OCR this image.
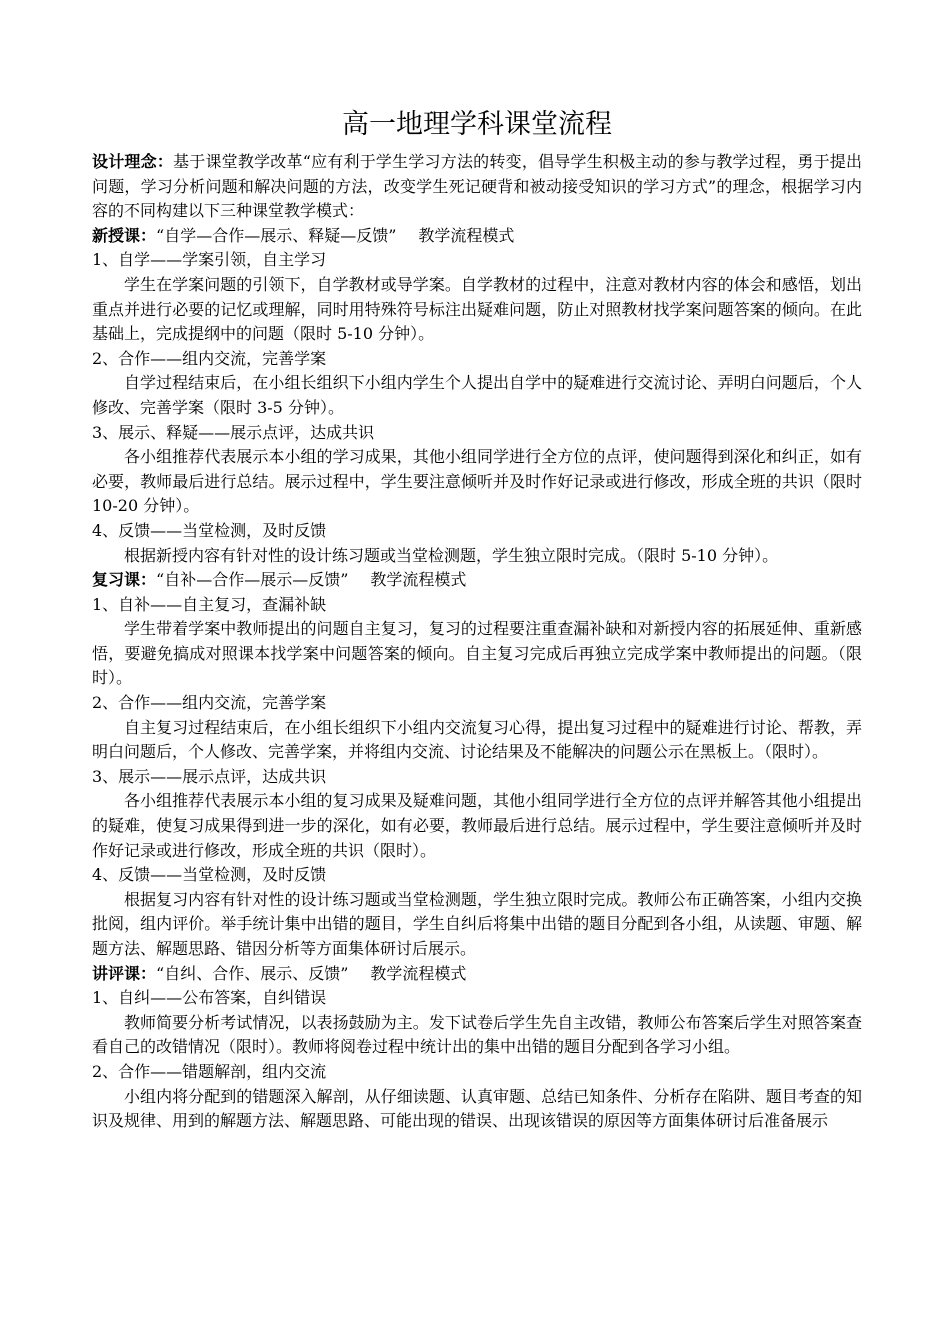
高一地理学科课堂流程

设计理念：基于课堂教学改革“应有利于学生学习方法的转变，倡导学生积极主动的参与教学过程，勇于提出问题，学习分析问题和解决问题的方法，改变学生死记硬背和被动接受知识的学习方式”的理念，根据学习内容的不同构建以下三种课堂教学模式：

新授课：“自学—合作—展示、释疑—反馈” 教学流程模式

1、自学——学案引领，自主学习

学生在学案问题的引领下，自学教材或导学案。自学教材的过程中，注意对教材内容的体会和感悟，划出重点并进行必要的记忆或理解，同时用特殊符号标注出疑难问题，防止对照教材找学案问题答案的倾向。在此基础上，完成提纲中的问题（限时 5-10 分钟）。

2、合作——组内交流，完善学案

自学过程结束后，在小组长组织下小组内学生个人提出自学中的疑难进行交流讨论、弄明白问题后，个人修改、完善学案（限时 3-5 分钟）。

3、展示、释疑——展示点评，达成共识

各小组推荐代表展示本小组的学习成果，其他小组同学进行全方位的点评，使问题得到深化和纠正，如有必要，教师最后进行总结。展示过程中，学生要注意倾听并及时作好记录或进行修改，形成全班的共识（限时 10-20 分钟）。

4、反馈——当堂检测，及时反馈

根据新授内容有针对性的设计练习题或当堂检测题，学生独立限时完成。（限时 5-10 分钟）。

复习课：“自补—合作—展示—反馈” 教学流程模式

1、自补——自主复习，查漏补缺

学生带着学案中教师提出的问题自主复习，复习的过程要注重查漏补缺和对新授内容的拓展延伸、重新感悟，要避免搞成对照课本找学案中问题答案的倾向。自主复习完成后再独立完成学案中教师提出的问题。（限时）。

2、合作——组内交流，完善学案

自主复习过程结束后，在小组长组织下小组内交流复习心得，提出复习过程中的疑难进行讨论、帮教，弄明白问题后，个人修改、完善学案，并将组内交流、讨论结果及不能解决的问题公示在黑板上。（限时）。

3、展示——展示点评，达成共识

各小组推荐代表展示本小组的复习成果及疑难问题，其他小组同学进行全方位的点评并解答其他小组提出的疑难，使复习成果得到进一步的深化，如有必要，教师最后进行总结。展示过程中，学生要注意倾听并及时作好记录或进行修改，形成全班的共识（限时）。

4、反馈——当堂检测，及时反馈

根据复习内容有针对性的设计练习题或当堂检测题，学生独立限时完成。教师公布正确答案，小组内交换批阅，组内评价。举手统计集中出错的题目，学生自纠后将集中出错的题目分配到各小组，从读题、审题、解题方法、解题思路、错因分析等方面集体研讨后展示。

讲评课：“自纠、合作、展示、反馈” 教学流程模式

1、自纠——公布答案，自纠错误

教师简要分析考试情况，以表扬鼓励为主。发下试卷后学生先自主改错，教师公布答案后学生对照答案查看自己的改错情况（限时）。教师将阅卷过程中统计出的集中出错的题目分配到各学习小组。

2、合作——错题解剖，组内交流

小组内将分配到的错题深入解剖，从仔细读题、认真审题、总结已知条件、分析存在陷阱、题目考查的知识及规律、用到的解题方法、解题思路、可能出现的错误、出现该错误的原因等方面集体研讨后准备展示
